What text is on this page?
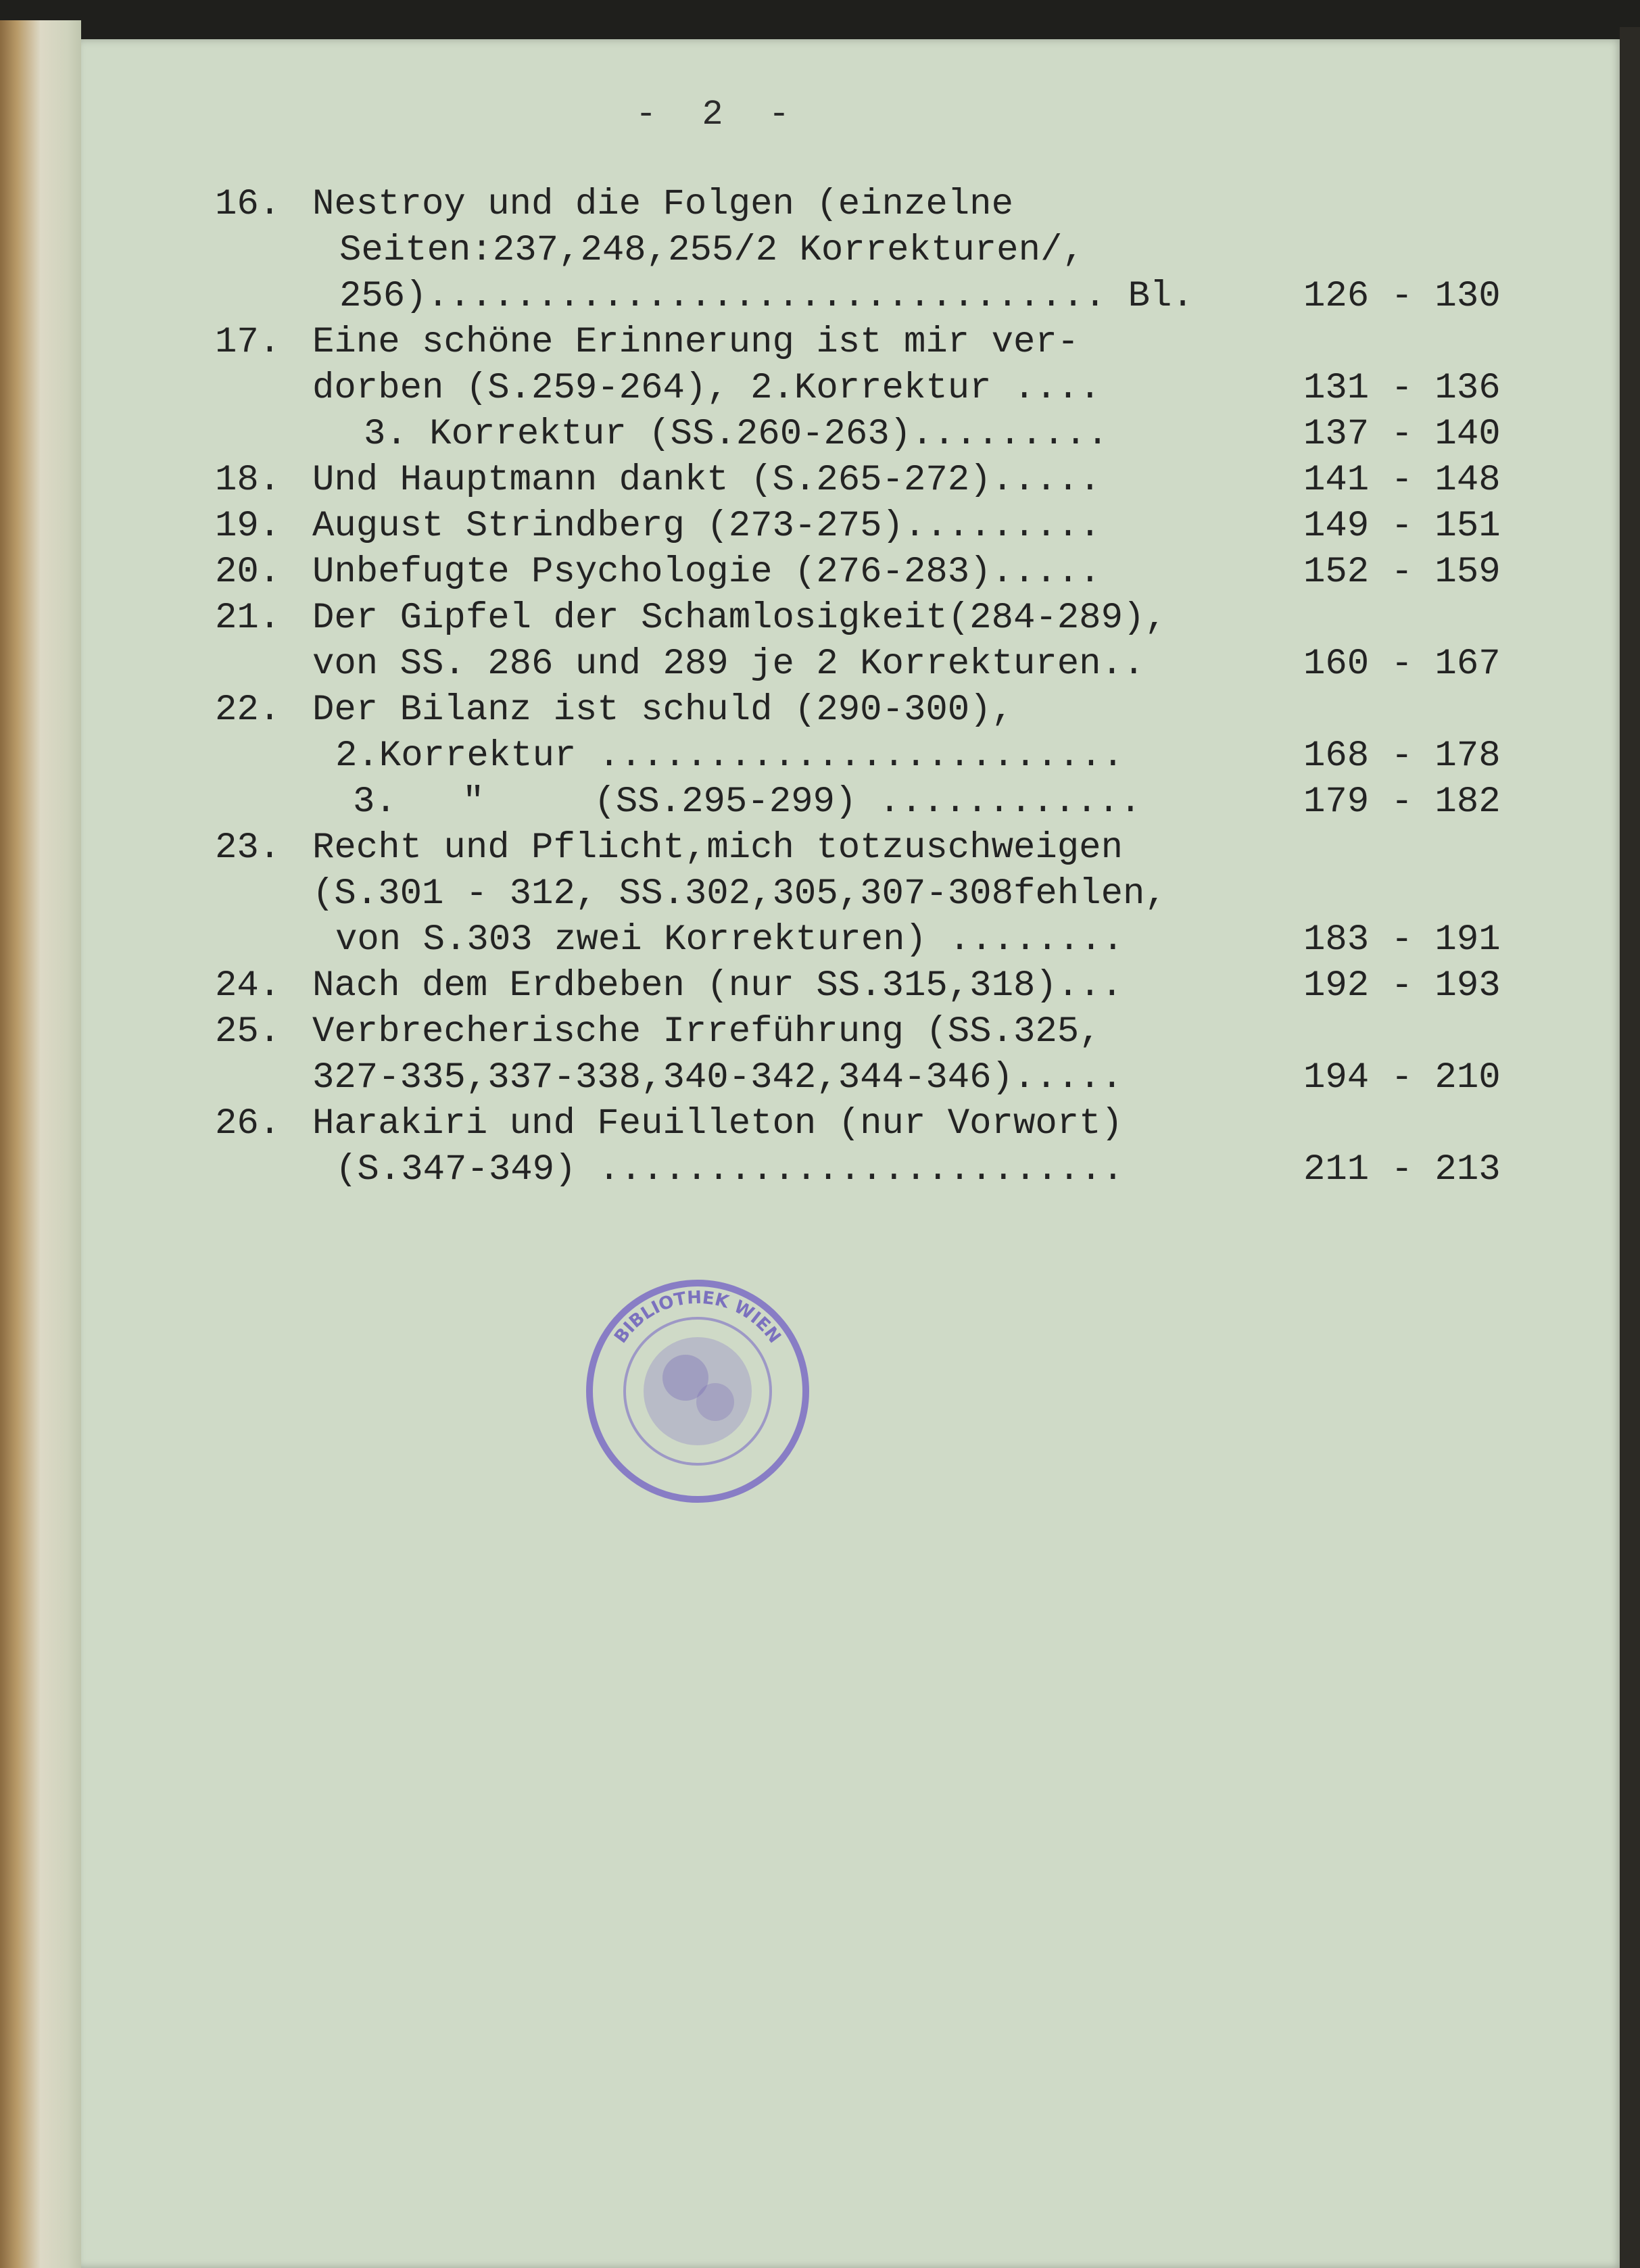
- 2 -
16. Nestroy und die Folgen (einzelne
Seiten:237,248,255/2 Korrekturen/,
256)............................... Bl.	126 - 130
17. Eine schöne Erinnerung ist mir ver-
dorben (S.259-264), 2.Korrektur ....	131 - 136
3. Korrektur (SS.260-263).........	137 - 140
18. Und Hauptmann dankt (S.265-272).....	141 - 148
19. August Strindberg (273-275).........	149 - 151
20. Unbefugte Psychologie (276-283).....	152 - 159
21. Der Gipfel der Schamlosigkeit(284-289),
von SS. 286 und 289 je 2 Korrekturen..	160 - 167
22. Der Bilanz ist schuld (290-300),
2.Korrektur ........................	168 - 178
3.   "     (SS.295-299) ............	179 - 182
23. Recht und Pflicht,mich totzuschweigen
(S.301 - 312, SS.302,305,307-308fehlen,
von S.303 zwei Korrekturen) ........	183 - 191
24. Nach dem Erdbeben (nur SS.315,318)...	192 - 193
25. Verbrecherische Irreführung (SS.325,
327-335,337-338,340-342,344-346).....	194 - 210
26. Harakiri und Feuilleton (nur Vorwort)
(S.347-349) ........................	211 - 213
BIBLIOTHEK WIEN
